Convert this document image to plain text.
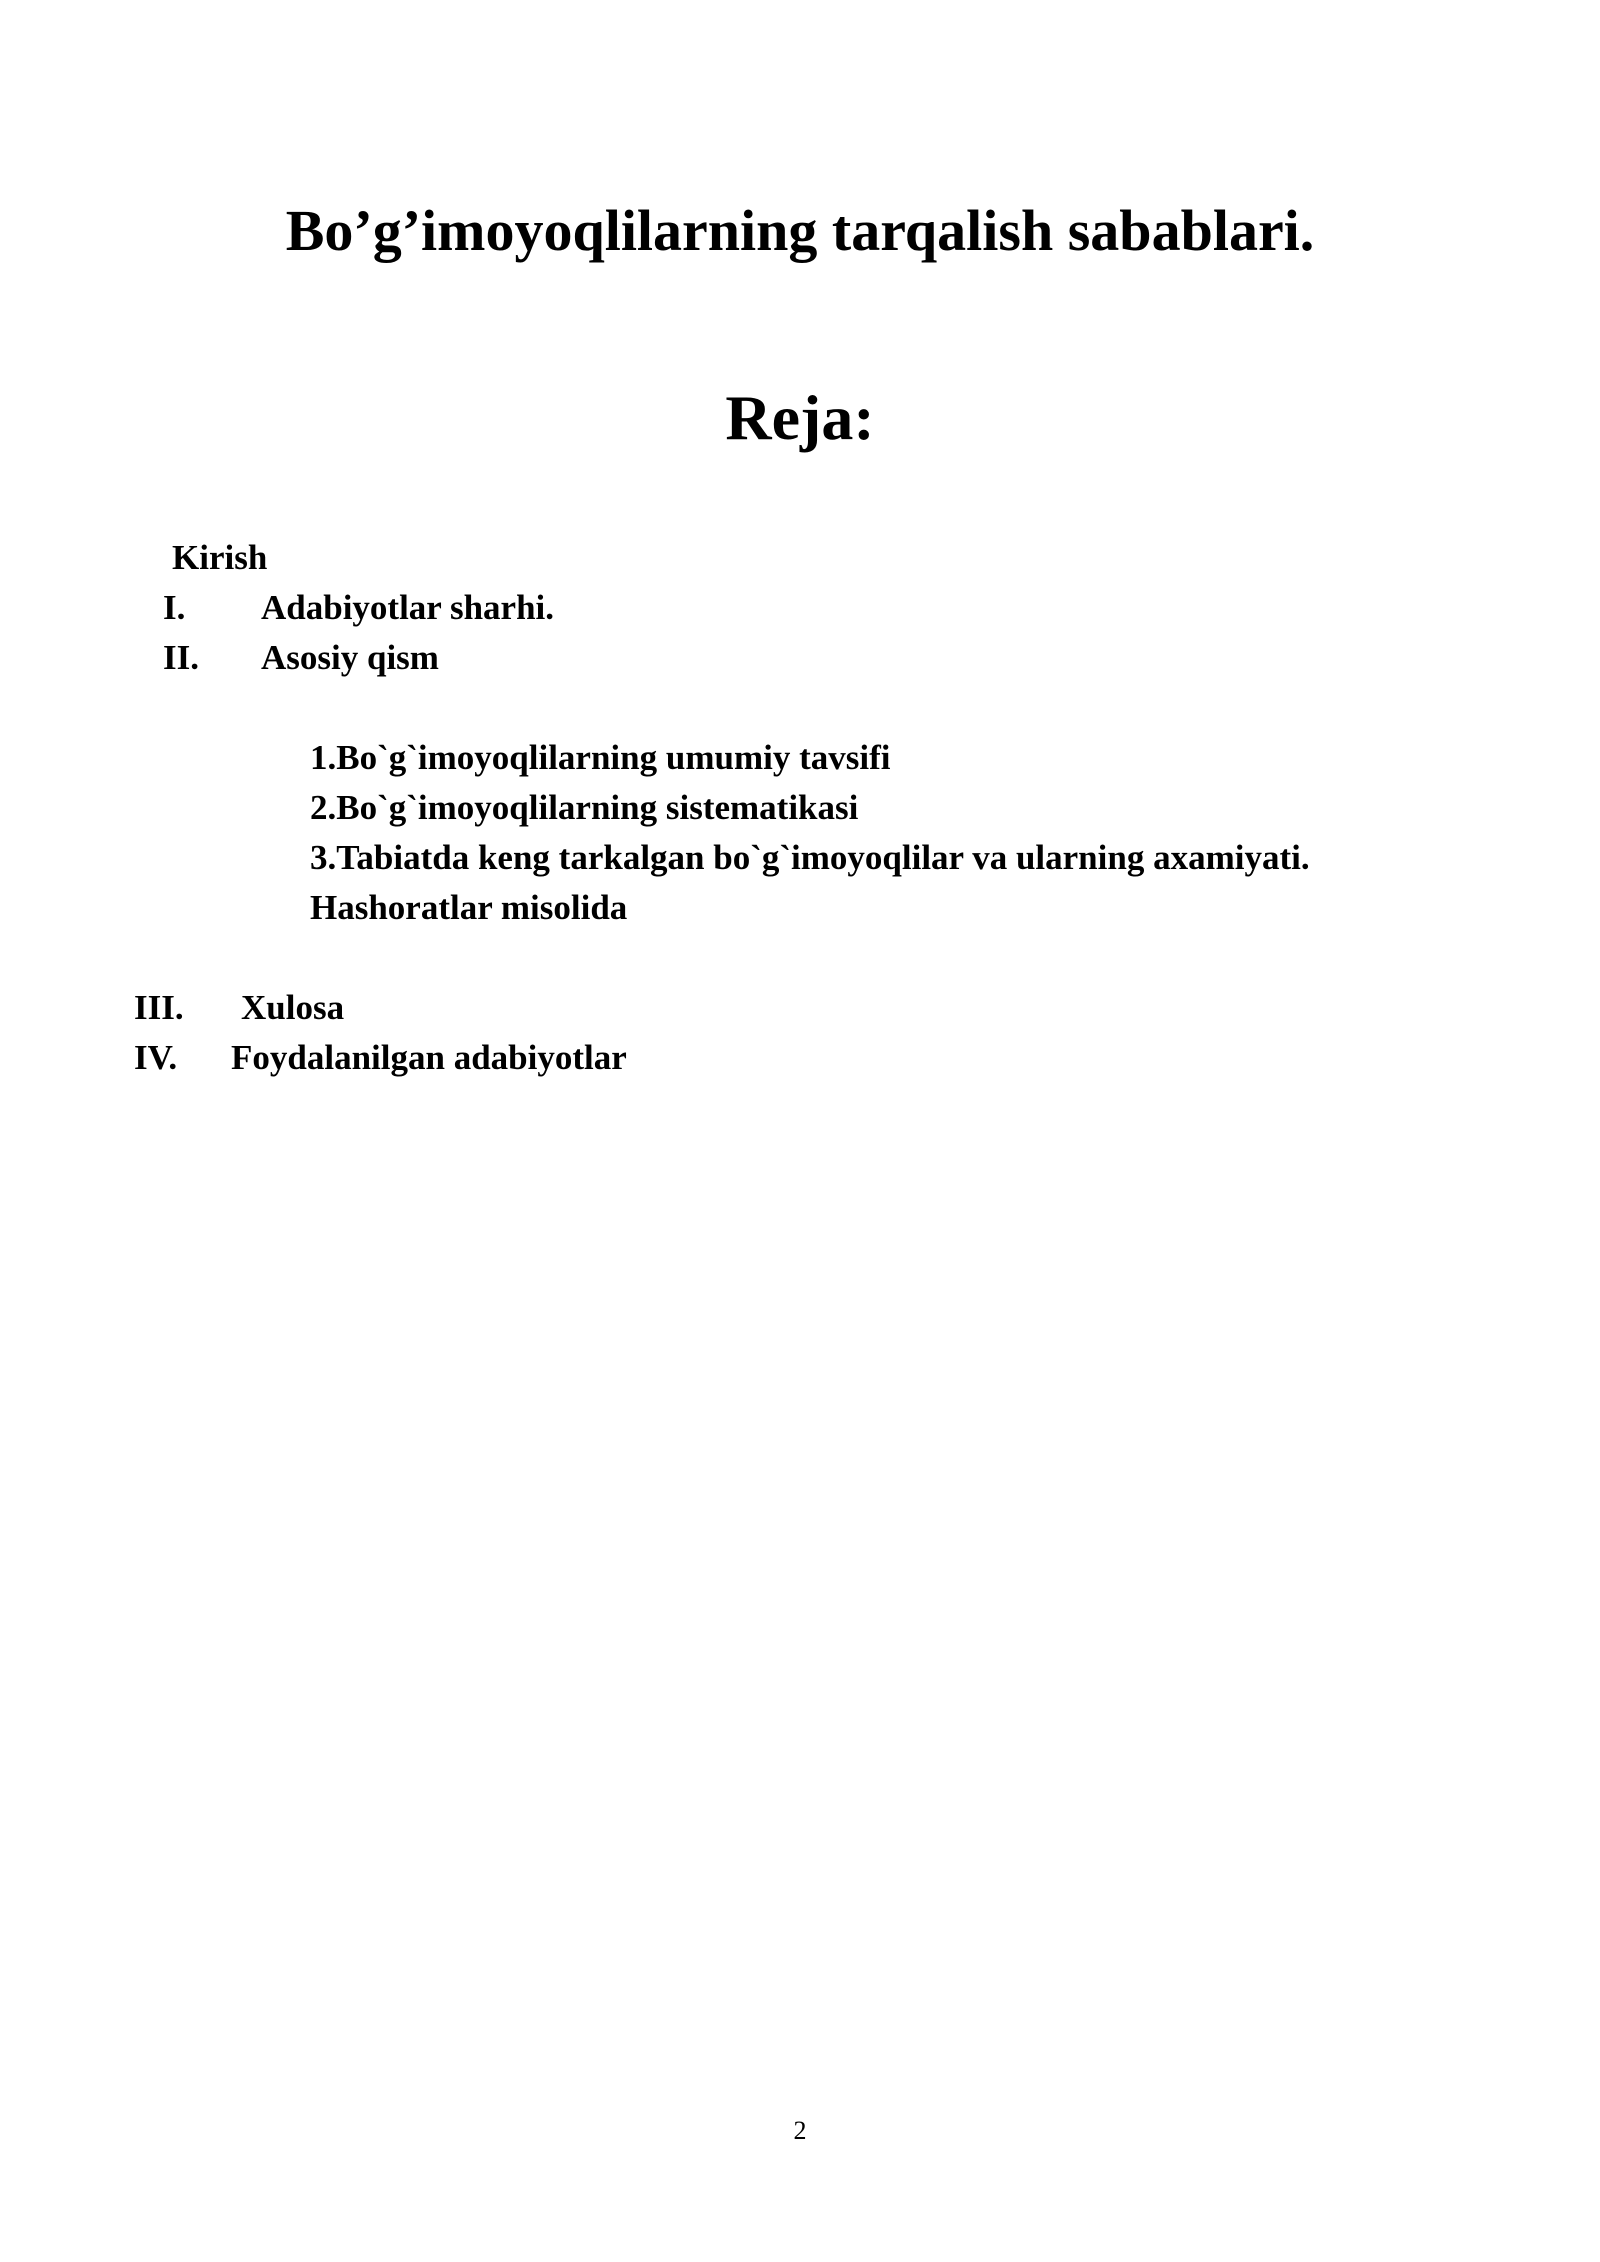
Bo’g’imoyoqlilarning tarqalish sabablari.
Reja:
Kirish
I. Adabiyotlar sharhi.
II. Asosiy qism
1.Bo`g`imoyoqlilarning umumiy tavsifi
2.Bo`g`imoyoqlilarning sistematikasi
3.Tabiatda keng tarkalgan bo`g`imoyoqlilar va ularning axamiyati.
Hashoratlar misolida
III. Xulosa
IV. Foydalanilgan adabiyotlar
2
